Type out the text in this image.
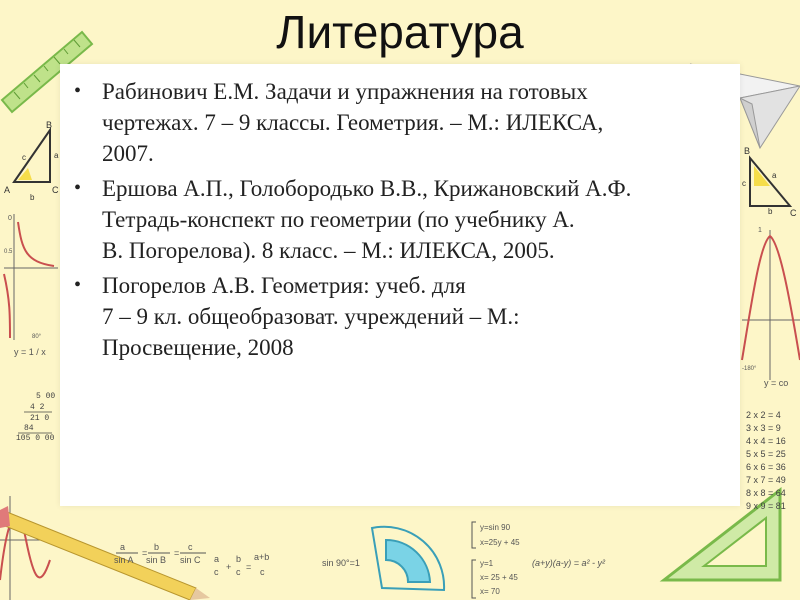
B
A	C
a
b
c
0
0.5
80°
y = 1 / x
5 00
4 2
21 0
84
105 0 00
a
sin A
=
b
sin B
=
c
sin C a
c +
b
c =
a+b
c
sin 90°=1
y=sin 90
x=25y + 45
y=1
x= 25 + 45
x= 70
(a+y)(a-y) = a² - y²
B
C
c
a
b
1
-180°
y = co
2 x 2 = 4
3 x 3 = 9
4 x 4 = 16
5 x 5 = 25
6 x 6 = 36
7 x 7 = 49
8 x 8 = 64
9 x 9 = 81
Литература
• Рабинович Е.М. Задачи и упражнения на готовых
чертежах. 7 – 9 классы. Геометрия. – М.: ИЛЕКСА,
2007.
• Ершова А.П., Голобородько В.В., Крижановский А.Ф.
Тетрадь-конспект по геометрии (по учебнику А.
В. Погорелова). 8 класс. – М.: ИЛЕКСА, 2005.
• Погорелов А.В. Геометрия: учеб. для
7 – 9 кл. общеобразоват. учреждений – М.:
Просвещение, 2008
